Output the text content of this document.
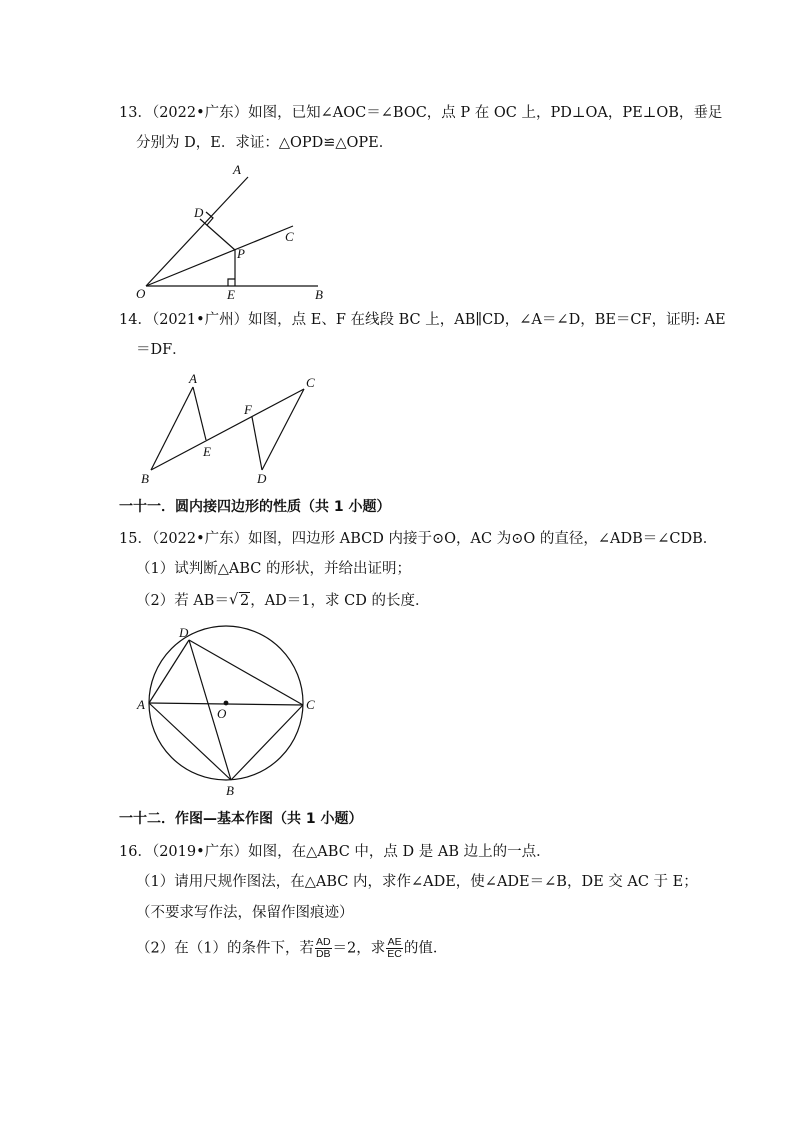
13．（2022•广东）如图，已知∠AOC＝∠BOC，点 P 在 OC 上，PD⊥OA，PE⊥OB，垂足
分别为 D，E．求证：△OPD≌△OPE．
A
D
C
P
O	E	B
14．（2021•广州）如图，点 E、F 在线段 BC 上，AB∥CD，∠A＝∠D，BE＝CF，证明: AE
＝DF．
A	C
F
E
B	D
一十一．圆内接四边形的性质（共 1 小题）
15．（2022•广东）如图，四边形 ABCD 内接于⊙O，AC 为⊙O 的直径，∠ADB＝∠CDB．
（1）试判断△ABC 的形状，并给出证明；
（2）若 AB＝ √ 2，AD＝1，求 CD 的长度．
D
A
O
C
B
一十二．作图—基本作图（共 1 小题）
16．（2019•广东）如图，在△ABC 中，点 D 是 AB 边上的一点．
（1）请用尺规作图法，在△ABC 内，求作∠ADE，使∠ADE＝∠B，DE 交 AC 于 E；
（不要求写作法，保留作图痕迹）
（2）在（1）的条件下，若 $\frac{AD}{DB} =2$，求 $\frac{AE}{EC}$ 的值．
